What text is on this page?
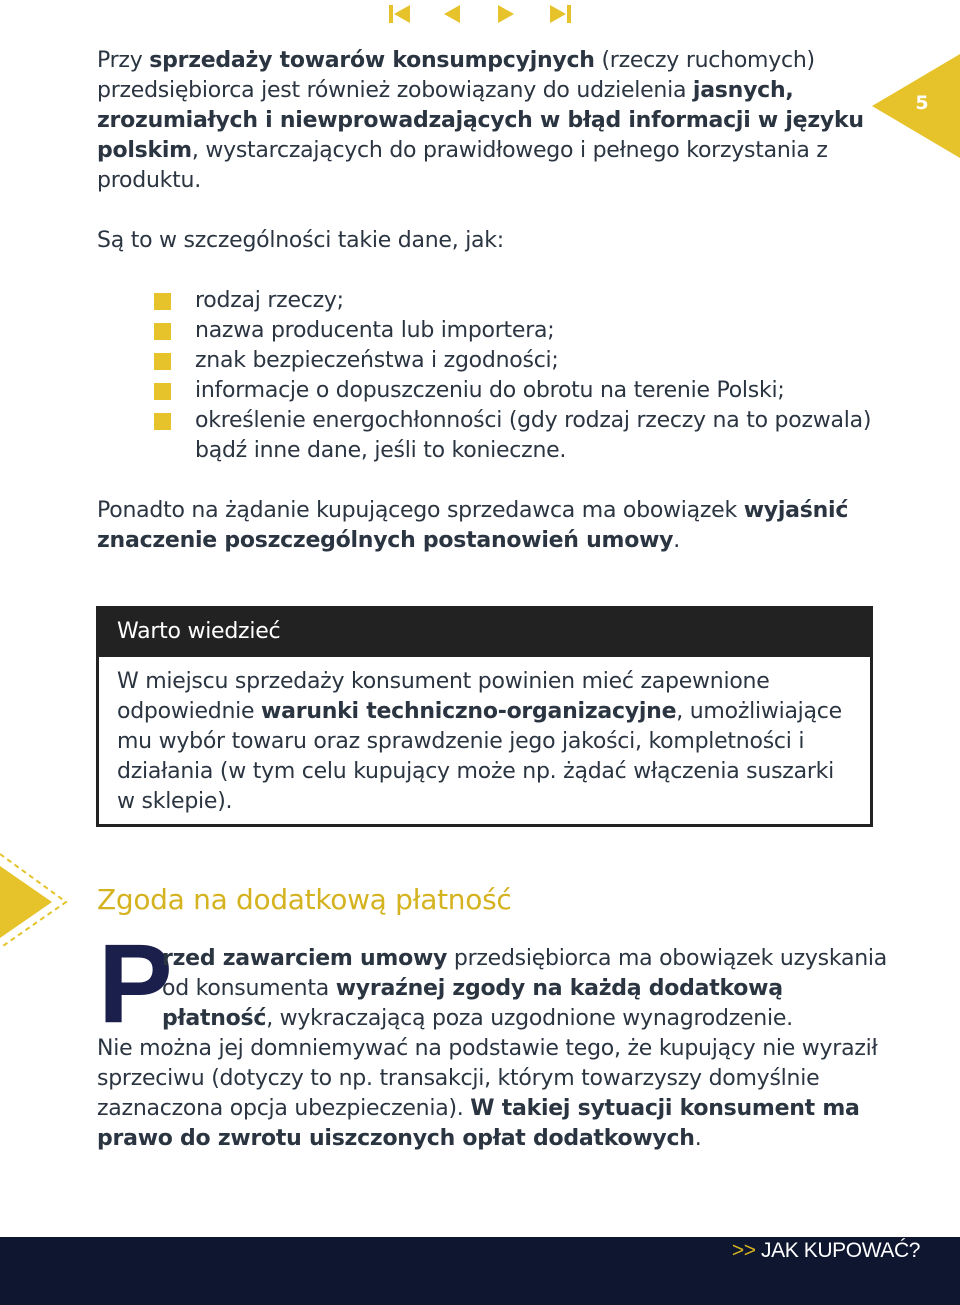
5
Przy sprzedaży towarów konsumpcyjnych (rzeczy ruchomych) przedsiębiorca jest również zobowiązany do udzielenia jasnych, zrozumiałych i niewprowadzających w błąd informacji w języku polskim, wystarczających do prawidłowego i pełnego korzystania z produktu.
Są to w szczególności takie dane, jak:
rodzaj rzeczy;
nazwa producenta lub importera;
znak bezpieczeństwa i zgodności;
informacje o dopuszczeniu do obrotu na terenie Polski;
określenie energochłonności (gdy rodzaj rzeczy na to pozwala) bądź inne dane, jeśli to konieczne.
Ponadto na żądanie kupującego sprzedawca ma obowiązek wyjaśnić znaczenie poszczególnych postanowień umowy.
Warto wiedzieć
W miejscu sprzedaży konsument powinien mieć zapewnione odpowiednie warunki techniczno-organizacyjne, umożliwiające mu wybór towaru oraz sprawdzenie jego jakości, kompletności i działania (w tym celu kupujący może np. żądać włączenia suszarki w sklepie).
Zgoda na dodatkową płatność
P
rzed zawarciem umowy przedsiębiorca ma obowiązek uzyskania od konsumenta wyraźnej zgody na każdą dodatkową płatność, wykraczającą poza uzgodnione wynagrodzenie.
Nie można jej domniemywać na podstawie tego, że kupujący nie wyraził sprzeciwu (dotyczy to np. transakcji, którym towarzyszy domyślnie zaznaczona opcja ubezpieczenia). W takiej sytuacji konsument ma prawo do zwrotu uiszczonych opłat dodatkowych.
>> JAK KUPOWAĆ?
